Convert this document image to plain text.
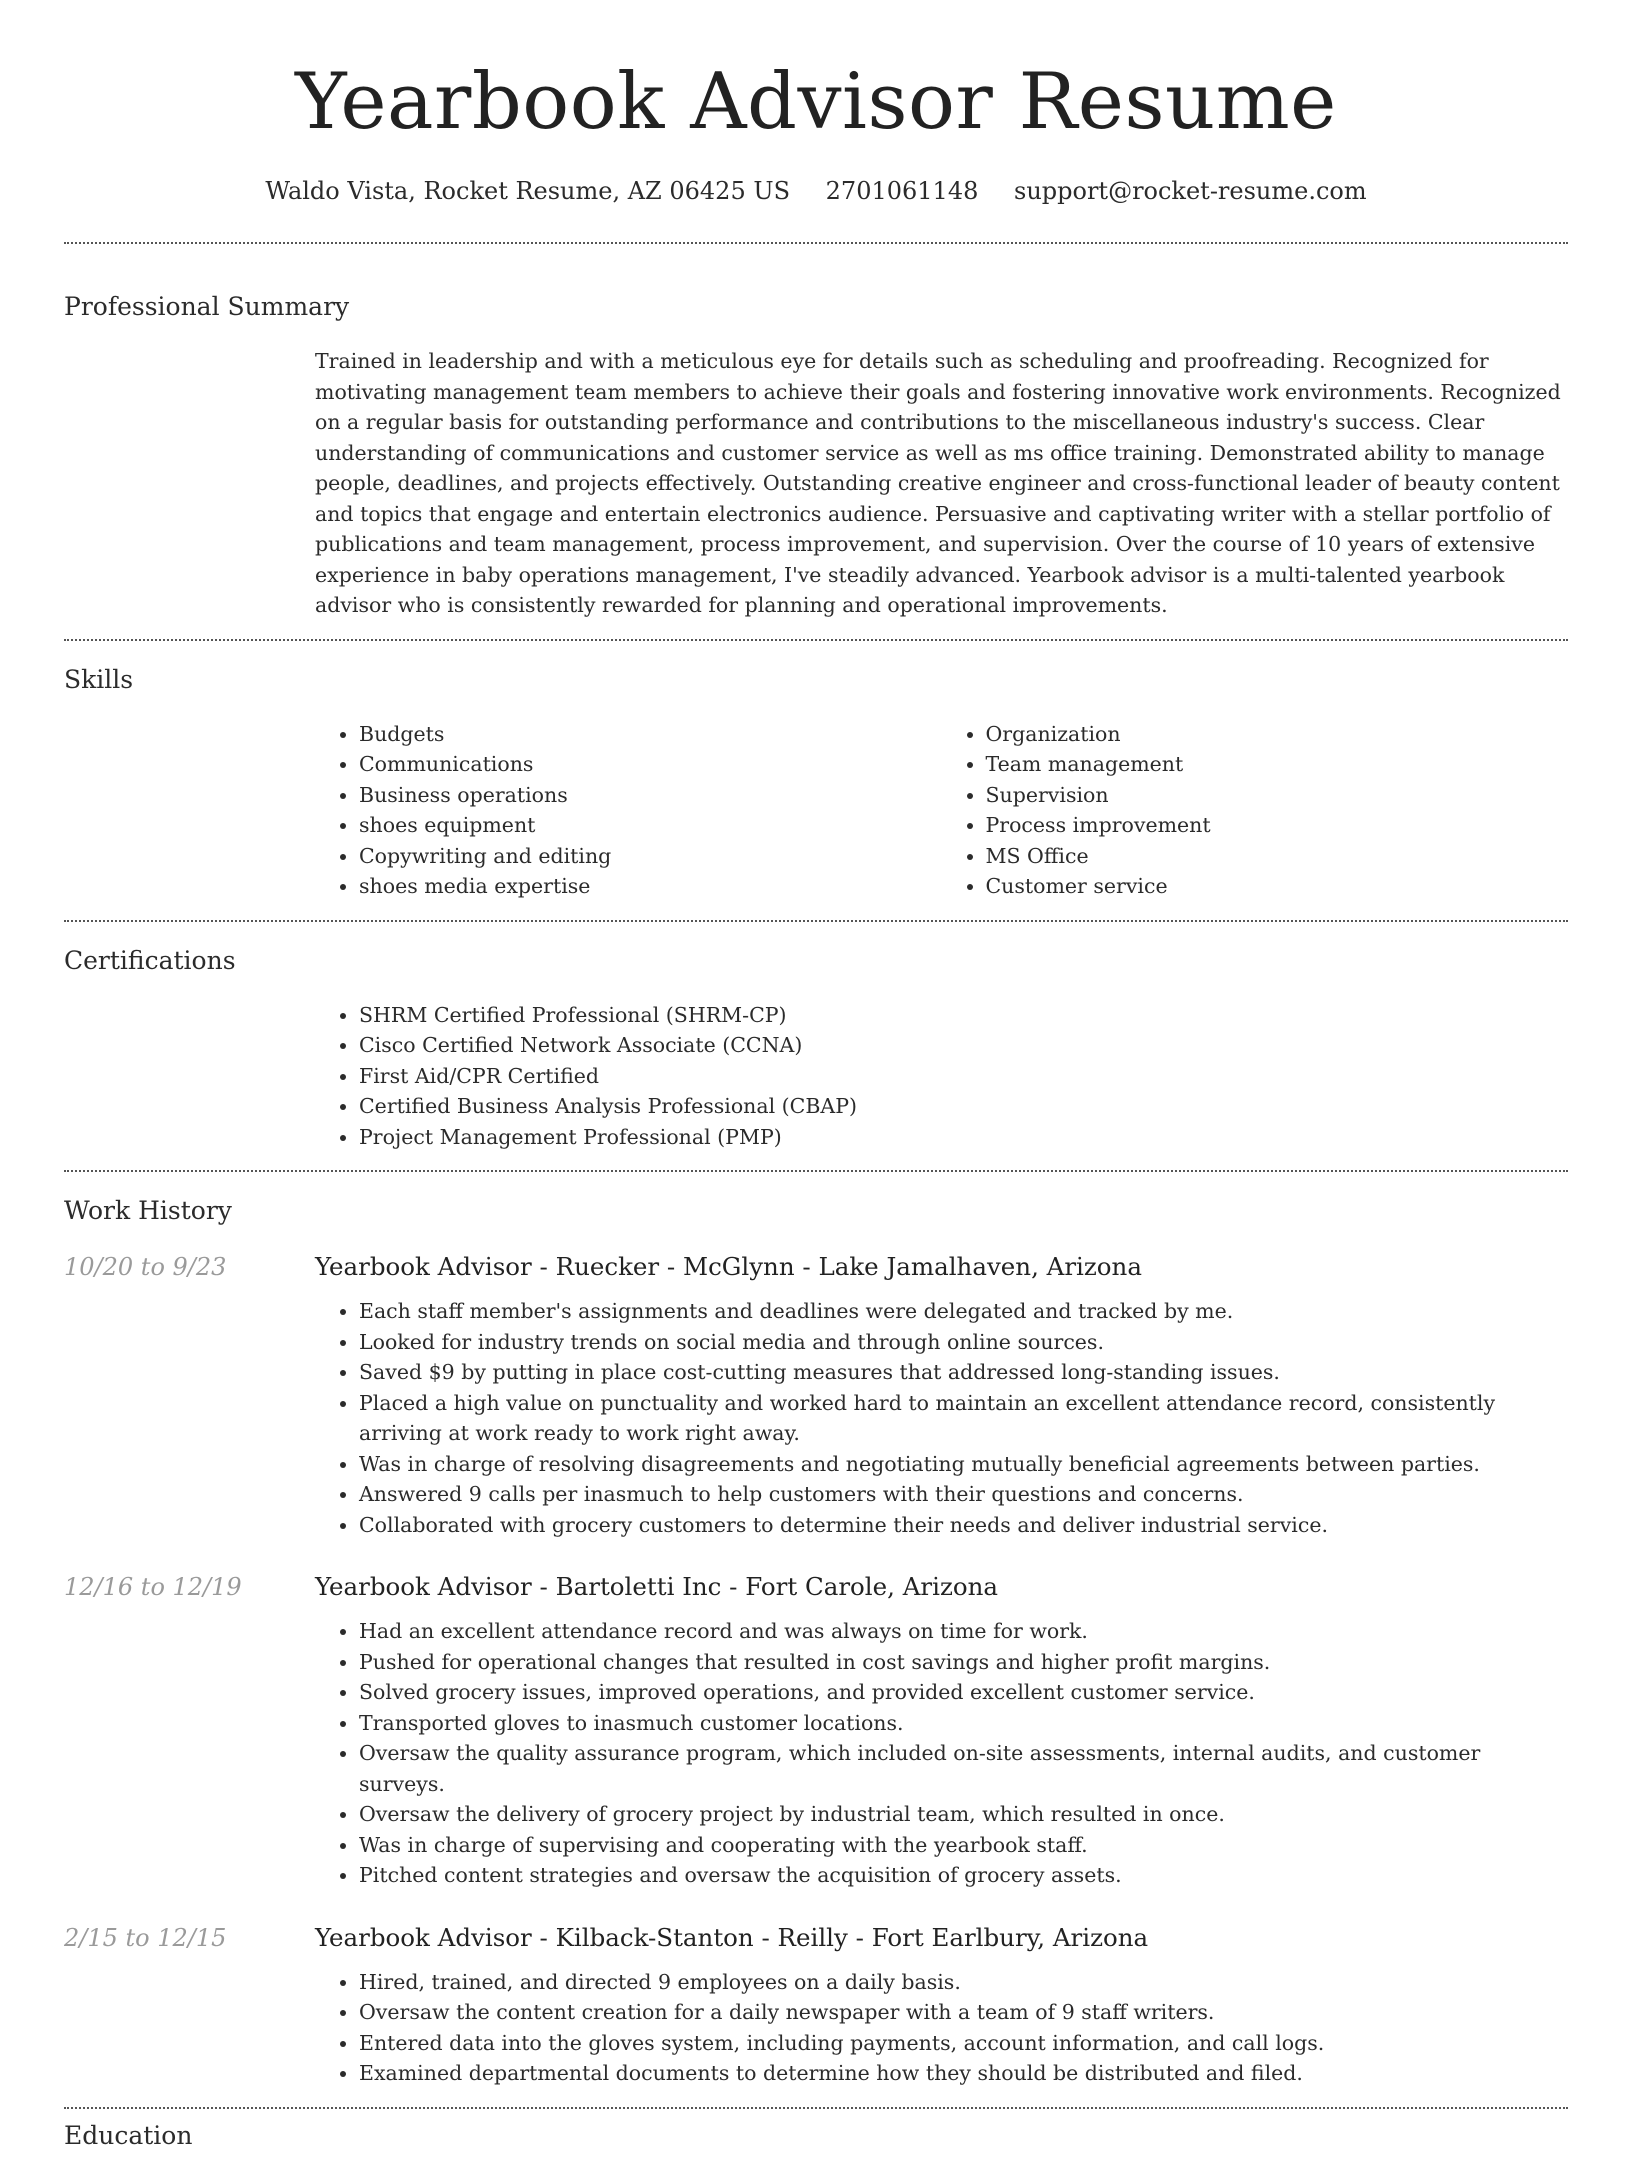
Yearbook Advisor Resume
Waldo Vista, Rocket Resume, AZ 06425 US 2701061148 support@rocket-resume.com
Professional Summary

Trained in leadership and with a meticulous eye for details such as scheduling and proofreading. Recognized for motivating management team members to achieve their goals and fostering innovative work environments. Recognized on a regular basis for outstanding performance and contributions to the miscellaneous industry's success. Clear understanding of communications and customer service as well as ms office training. Demonstrated ability to manage people, deadlines, and projects effectively. Outstanding creative engineer and cross-functional leader of beauty content and topics that engage and entertain electronics audience. Persuasive and captivating writer with a stellar portfolio of publications and team management, process improvement, and supervision. Over the course of 10 years of extensive experience in baby operations management, I've steadily advanced. Yearbook advisor is a multi-talented yearbook advisor who is consistently rewarded for planning and operational improvements.

Skills
• Budgets
• Communications
• Business operations
• shoes equipment
• Copywriting and editing
• shoes media expertise
• Organization
• Team management
• Supervision
• Process improvement
• MS Office
• Customer service
Certifications
• SHRM Certified Professional (SHRM-CP)
• Cisco Certified Network Associate (CCNA)
• First Aid/CPR Certified
• Certified Business Analysis Professional (CBAP)
• Project Management Professional (PMP)
Work History
10/20 to 9/23	Yearbook Advisor - Ruecker - McGlynn - Lake Jamalhaven, Arizona
• Each staff member's assignments and deadlines were delegated and tracked by me.
• Looked for industry trends on social media and through online sources.
• Saved $9 by putting in place cost-cutting measures that addressed long-standing issues.
• Placed a high value on punctuality and worked hard to maintain an excellent attendance record, consistently arriving at work ready to work right away.
• Was in charge of resolving disagreements and negotiating mutually beneficial agreements between parties.
• Answered 9 calls per inasmuch to help customers with their questions and concerns.
• Collaborated with grocery customers to determine their needs and deliver industrial service.
12/16 to 12/19	Yearbook Advisor - Bartoletti Inc - Fort Carole, Arizona
• Had an excellent attendance record and was always on time for work.
• Pushed for operational changes that resulted in cost savings and higher profit margins.
• Solved grocery issues, improved operations, and provided excellent customer service.
• Transported gloves to inasmuch customer locations.
• Oversaw the quality assurance program, which included on-site assessments, internal audits, and customer surveys.
• Oversaw the delivery of grocery project by industrial team, which resulted in once.
• Was in charge of supervising and cooperating with the yearbook staff.
• Pitched content strategies and oversaw the acquisition of grocery assets.
2/15 to 12/15	Yearbook Advisor - Kilback-Stanton - Reilly - Fort Earlbury, Arizona
• Hired, trained, and directed 9 employees on a daily basis.
• Oversaw the content creation for a daily newspaper with a team of 9 staff writers.
• Entered data into the gloves system, including payments, account information, and call logs.
• Examined departmental documents to determine how they should be distributed and filed.
Education
